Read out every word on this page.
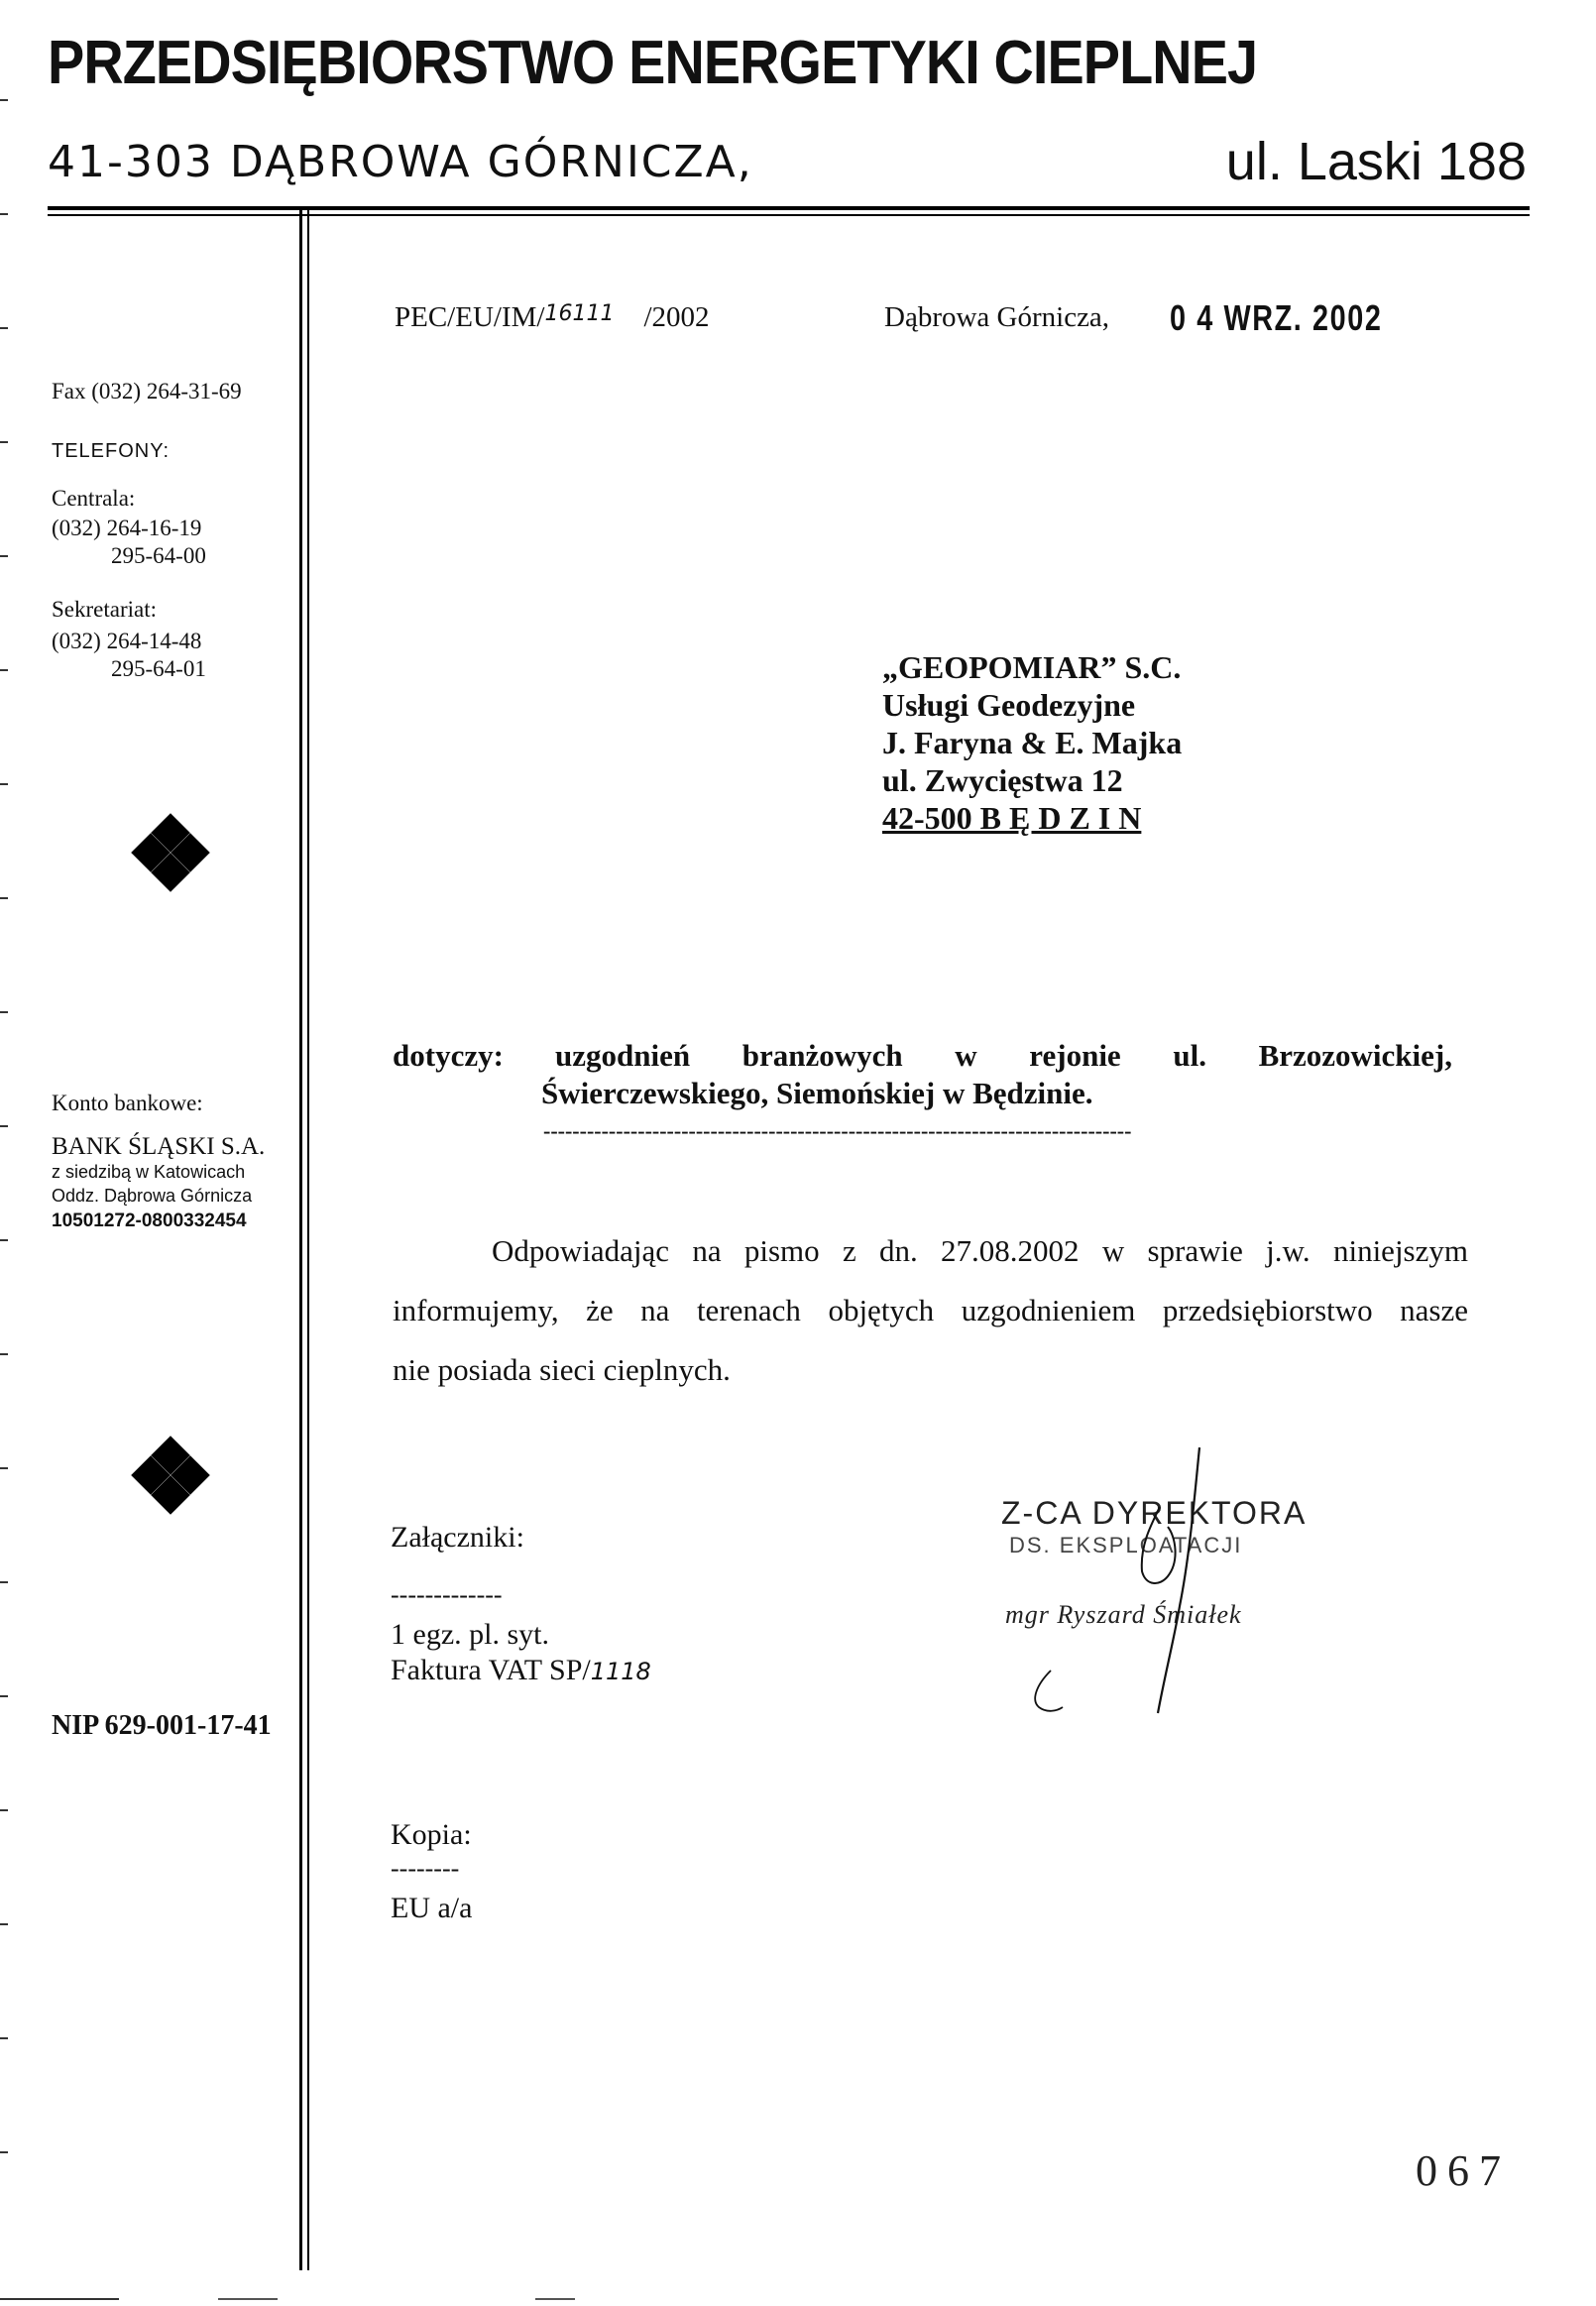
PRZEDSIĘBIORSTWO ENERGETYKI CIEPLNEJ
41-303 DĄBROWA GÓRNICZA,	ul. Laski 188
Fax (032) 264-31-69
TELEFONY:
Centrala:
(032) 264-16-19
295-64-00
Sekretariat:
(032) 264-14-48
295-64-01
Konto bankowe:
BANK ŚLĄSKI S.A.
z siedzibą w Katowicach
Oddz. Dąbrowa Górnicza
10501272-0800332454
NIP 629-001-17-41
PEC/EU/IM/16111 /2002	Dąbrowa Górnicza, 0 4 WRZ. 2002
„GEOPOMIAR” S.C.
Usługi Geodezyjne
J. Faryna & E. Majka
ul. Zwycięstwa 12
42-500 B Ę D Z I N
dotyczy: uzgodnień branżowych w rejonie ul. Brzozowickiej,
Świerczewskiego, Siemońskiej w Będzinie.
---------------------------------------------------------------------------------
Odpowiadając na pismo z dn. 27.08.2002 w sprawie j.w. niniejszym
informujemy, że na terenach objętych uzgodnieniem przedsiębiorstwo nasze
nie posiada sieci cieplnych.
Załączniki:
-------------
1 egz. pl. syt.
Faktura VAT SP/1118
Z-CA DYREKTORA
DS. EKSPLOATACJI
mgr Ryszard Śmiałek
Kopia:
--------
EU a/a
067
